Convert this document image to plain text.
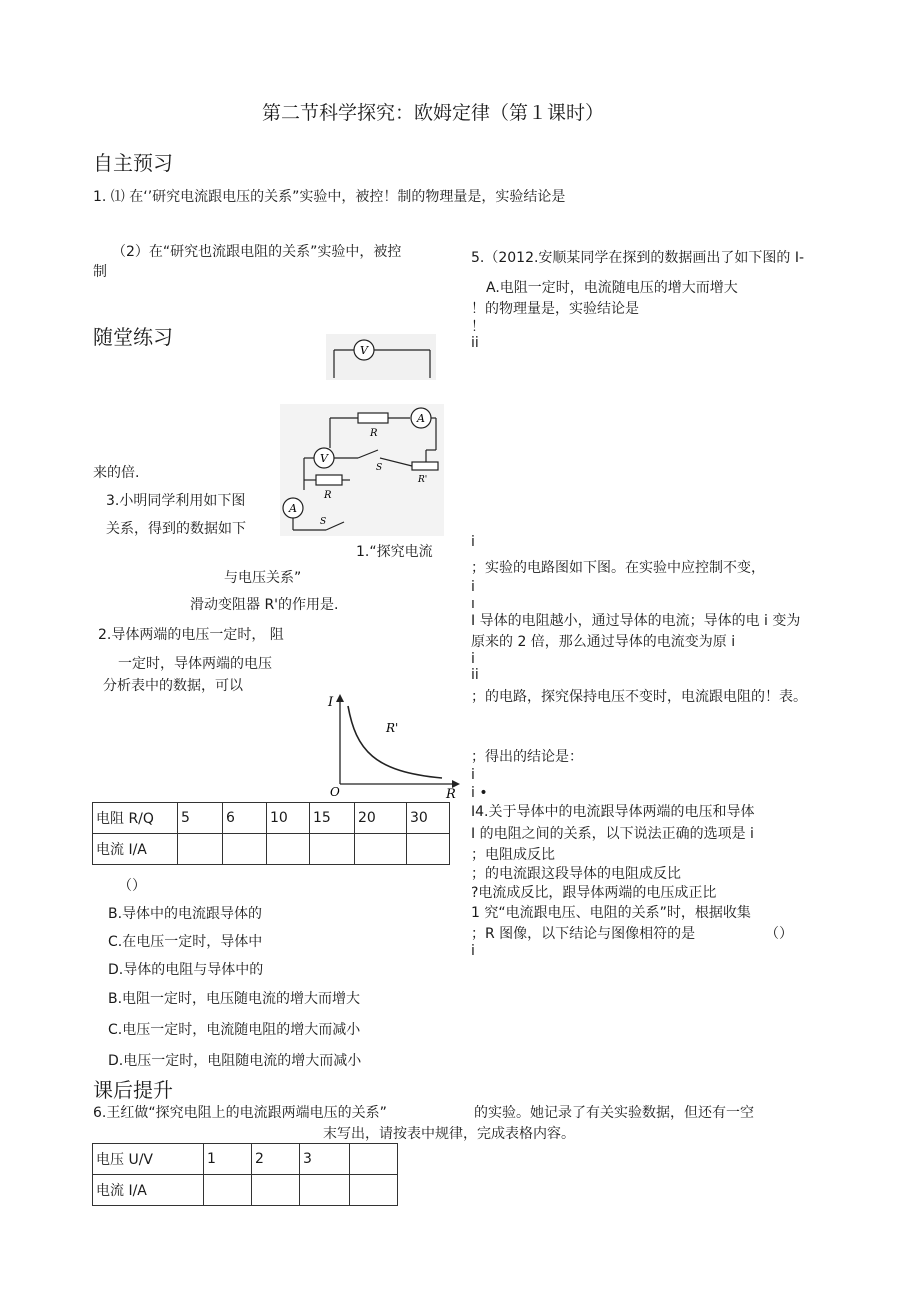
第二节科学探究：欧姆定律（第１课时）
自主预习
随堂练习
课后提升
1. ⑴ 在‘’研究电流跟电压的关系”实验中，被控！制的物理量是，实验结论是
（2）在“研究也流跟电阻的关系”实验中，被控
制
来的倍.
3.小明同学利用如下图
关系，得到的数据如下
1.“探究电流
与电压关系”
滑动变阻器 R'的作用是.
2.导体两端的电压一定时， 阻
一定时，导体两端的电压
分析表中的数据，可以
电阻 R/Q	5	6	10	15	20	30
电流 I/A						
（）
B.导体中的电流跟导体的
C.在电压一定时，导体中
D.导体的电阻与导体中的
B.电阻一定时，电压随电流的增大而增大
C.电压一定时，电流随电阻的增大而减小
D.电压一定时，电阻随电流的增大而减小
5.（2012.安顺某同学在探到的数据画出了如下图的 I-
A.电阻一定时，电流随电压的增大而增大
！的物理量是，实验结论是
！
ii
i
；实验的电路图如下图。在实验中应控制不变，
i
ı
I 导体的电阻越小，通过导体的电流；导体的电 i 变为
原来的 2 倍，那么通过导体的电流变为原 i
i
ii
；的电路，探究保持电压不变时，电流跟电阻的！表。
；得出的结论是：
i
i •
I4.关于导体中的电流跟导体两端的电压和导体
I 的电阻之间的关系，以下说法正确的选项是 i
；电阻成反比
；的电流跟这段导体的电阻成反比
?电流成反比，跟导体两端的电压成正比
1 究“电流跟电压、电阻的关系”时，根据收集
；R 图像，以下结论与图像相符的是	（）
i
6.王红做“探究电阻上的电流跟两端电压的关系”	的实验。她记录了有关实验数据，但还有一空
末写出，请按表中规律，完成表格内容。
电压 U/V	1	2	3	
电流 I/A				
V
R
A
R'
V
S
R
A
S
I
R
O
R'
